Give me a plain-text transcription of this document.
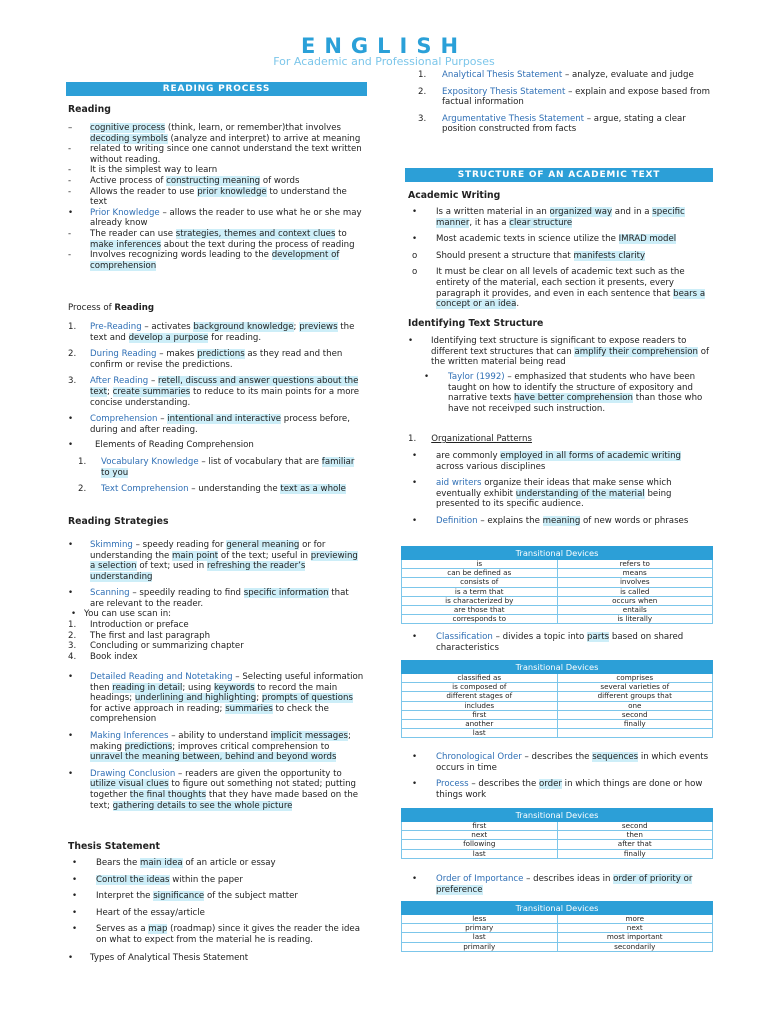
ENGLISH
For Academic and Professional Purposes
READING PROCESS
Reading
– cognitive process (think, learn, or remember)that involves decoding symbols (analyze and interpret) to arrive at meaning
- related to writing since one cannot understand the text written without reading.
- It is the simplest way to learn
- Active process of constructing meaning of words
- Allows the reader to use prior knowledge to understand the text
• Prior Knowledge – allows the reader to use what he or she may already know
- The reader can use strategies, themes and context clues to make inferences about the text during the process of reading
- Involves recognizing words leading to the development of comprehension
Process of Reading
1. Pre-Reading – activates background knowledge; previews the text and develop a purpose for reading.
2. During Reading – makes predictions as they read and then confirm or revise the predictions.
3. After Reading – retell, discuss and answer questions about the text; create summaries to reduce to its main points for a more concise understanding.
• Comprehension – intentional and interactive process before, during and after reading.
•	Elements of Reading Comprehension
1. Vocabulary Knowledge – list of vocabulary that are familiar to you
2. Text Comprehension – understanding the text as a whole
Reading Strategies
• Skimming – speedy reading for general meaning or for understanding the main point of the text; useful in previewing a selection of text; used in refreshing the reader’s understanding
• Scanning – speedily reading to find specific information that are relevant to the reader.
• You can use scan in:
1. Introduction or preface
2. The first and last paragraph
3. Concluding or summarizing chapter
4. Book index
• Detailed Reading and Notetaking – Selecting useful information then reading in detail; using keywords to record the main headings; underlining and highlighting; prompts of questions for active approach in reading; summaries to check the comprehension
• Making Inferences – ability to understand implicit messages; making predictions; improves critical comprehension to unravel the meaning between, behind and beyond words
• Drawing Conclusion – readers are given the opportunity to utilize visual clues to figure out something not stated; putting together the final thoughts that they have made based on the text; gathering details to see the whole picture
Thesis Statement
• Bears the main idea of an article or essay
• Control the ideas within the paper
• Interpret the significance of the subject matter
• Heart of the essay/article
• Serves as a map (roadmap) since it gives the reader the idea on what to expect from the material he is reading.
• Types of Analytical Thesis Statement
1. Analytical Thesis Statement – analyze, evaluate and judge
2. Expository Thesis Statement – explain and expose based from factual information
3. Argumentative Thesis Statement – argue, stating a clear position constructed from facts
STRUCTURE OF AN ACADEMIC TEXT
Academic Writing
• Is a written material in an organized way and in a specific manner, it has a clear structure
• Most academic texts in science utilize the IMRAD model
o Should present a structure that manifests clarity
o It must be clear on all levels of academic text such as the entirety of the material, each section it presents, every paragraph it provides, and even in each sentence that bears a concept or an idea.
Identifying Text Structure
• Identifying text structure is significant to expose readers to different text structures that can amplify their comprehension of the written material being read
• Taylor (1992) – emphasized that students who have been taught on how to identify the structure of expository and narrative texts have better comprehension than those who have not receivped such instruction.
1. Organizational Patterns
• are commonly employed in all forms of academic writing across various disciplines
• aid writers organize their ideas that make sense which eventually exhibit understanding of the material being presented to its specific audience.
• Definition – explains the meaning of new words or phrases
Transitional Devices	
is	refers to
can be defined as	means
consists of	involves
is a term that	is called
is characterized by	occurs when
are those that	entails
corresponds to	is literally
• Classification – divides a topic into parts based on shared characteristics
Transitional Devices	
classified as	comprises
is composed of	several varieties of
different stages of	different groups that
includes	one
first	second
another	finally
last	
• Chronological Order – describes the sequences in which events occurs in time
• Process – describes the order in which things are done or how things work
Transitional Devices	
first	second
next	then
following	after that
last	finally
• Order of Importance – describes ideas in order of priority or preference
Transitional Devices	
less	more
primary	next
last	most important
primarily	secondarily
